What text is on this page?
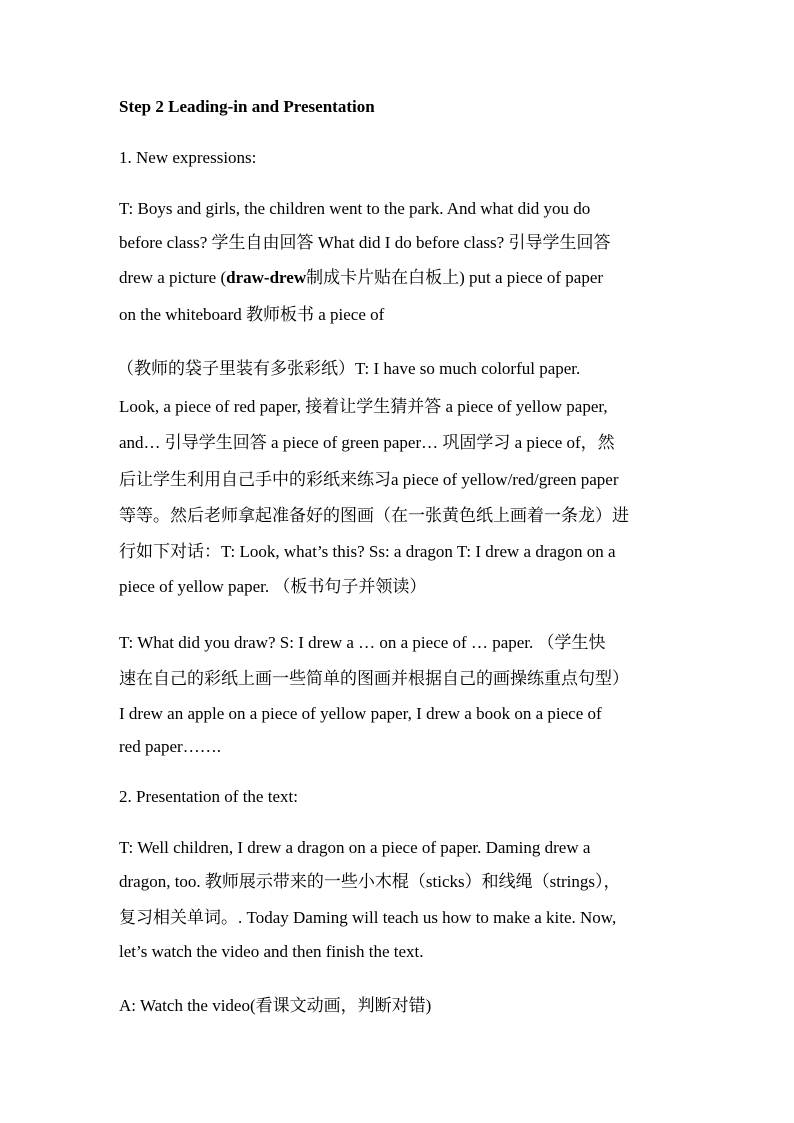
Step 2 Leading-in and Presentation
1. New expressions:
T: Boys and girls, the children went to the park. And what did you do
before class? 学生自由回答 What did I do before class? 引导学生回答
drew a picture (draw-drew制成卡片贴在白板上) put a piece of paper
on the whiteboard 教师板书 a piece of
（教师的袋子里装有多张彩纸）T: I have so much colorful paper.
Look, a piece of red paper, 接着让学生猜并答 a piece of yellow paper,
and… 引导学生回答 a piece of green paper… 巩固学习 a piece of，然
后让学生利用自己手中的彩纸来练习a piece of yellow/red/green paper
等等。然后老师拿起准备好的图画（在一张黄色纸上画着一条龙）进
行如下对话：T: Look, what’s this? Ss: a dragon T: I drew a dragon on a
piece of yellow paper. （板书句子并领读）
T: What did you draw? S: I drew a … on a piece of … paper. （学生快
速在自己的彩纸上画一些简单的图画并根据自己的画操练重点句型）
I drew an apple on a piece of yellow paper, I drew a book on a piece of
red paper…….
2. Presentation of the text:
T: Well children, I drew a dragon on a piece of paper. Daming drew a
dragon, too. 教师展示带来的一些小木棍（sticks）和线绳（strings），
复习相关单词。. Today Daming will teach us how to make a kite. Now,
let’s watch the video and then finish the text.
A: Watch the video(看课文动画，判断对错)
